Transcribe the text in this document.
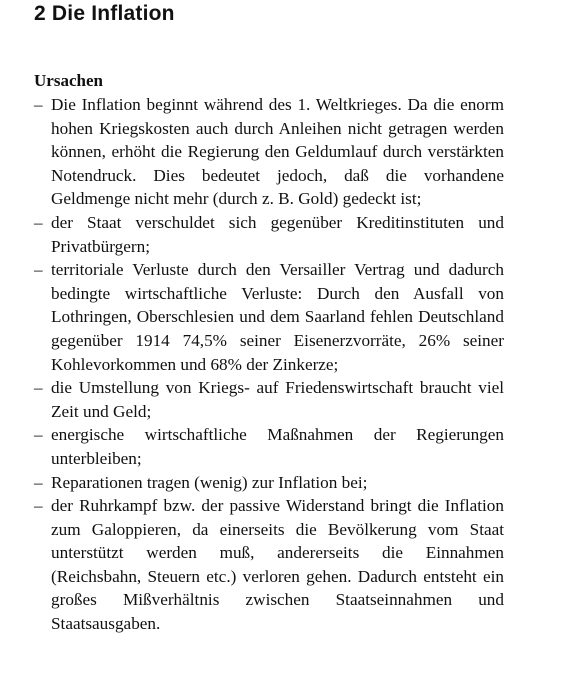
2 Die Inflation
Ursachen
– Die Inflation beginnt während des 1. Weltkrieges. Da die enorm hohen Kriegskosten auch durch Anleihen nicht getragen werden können, erhöht die Regierung den Geldumlauf durch verstärkten Notendruck. Dies bedeutet jedoch, daß die vorhandene Geldmenge nicht mehr (durch z. B. Gold) gedeckt ist;
– der Staat verschuldet sich gegenüber Kreditinstituten und Privatbürgern;
– territoriale Verluste durch den Versailler Vertrag und dadurch bedingte wirtschaftliche Verluste: Durch den Ausfall von Lothringen, Oberschlesien und dem Saarland fehlen Deutschland gegenüber 1914 74,5% seiner Eisenerzvorräte, 26% seiner Kohlevorkommen und 68% der Zinkerze;
– die Umstellung von Kriegs- auf Friedenswirtschaft braucht viel Zeit und Geld;
– energische wirtschaftliche Maßnahmen der Regierungen unterbleiben;
– Reparationen tragen (wenig) zur Inflation bei;
– der Ruhrkampf bzw. der passive Widerstand bringt die Inflation zum Galoppieren, da einerseits die Bevölkerung vom Staat unterstützt werden muß, andererseits die Einnahmen (Reichsbahn, Steuern etc.) verloren gehen. Dadurch entsteht ein großes Mißverhältnis zwischen Staatseinnahmen und Staatsausgaben.
